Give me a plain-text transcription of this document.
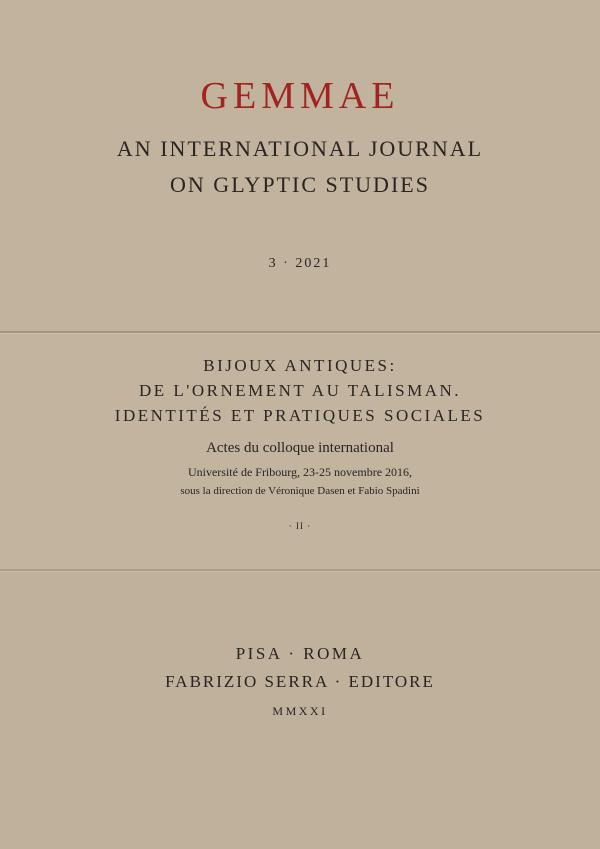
GEMMAE
AN INTERNATIONAL JOURNAL
ON GLYPTIC STUDIES
3 · 2021
BIJOUX ANTIQUES:
DE L'ORNEMENT AU TALISMAN.
IDENTITÉS ET PRATIQUES SOCIALES
Actes du colloque international
Université de Fribourg, 23-25 novembre 2016,
sous la direction de Véronique Dasen et Fabio Spadini
· II ·
PISA · ROMA
FABRIZIO SERRA · EDITORE
MMXXI
